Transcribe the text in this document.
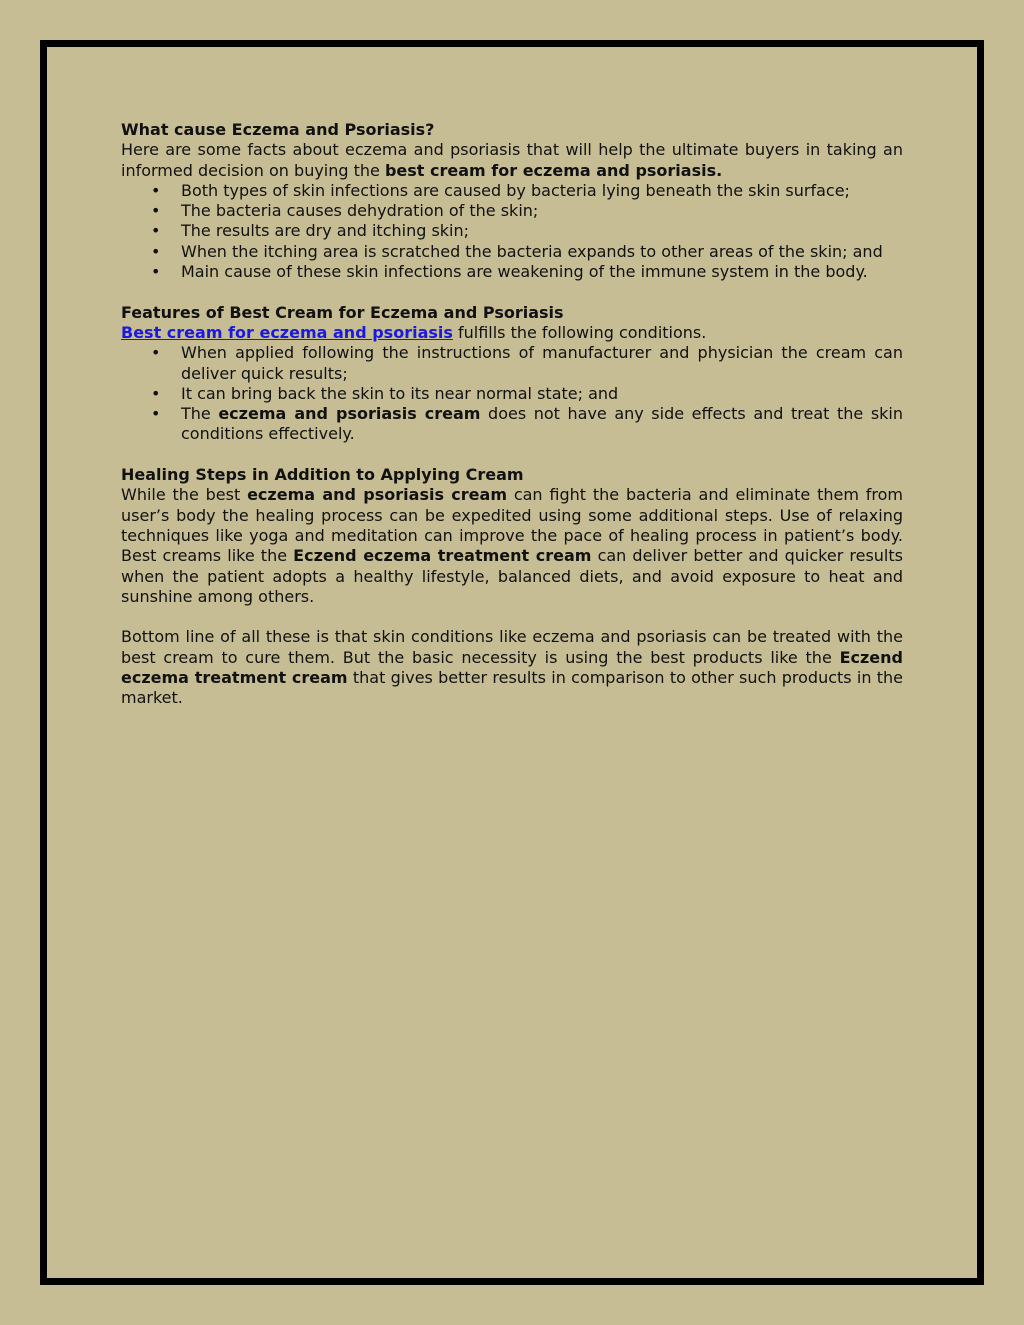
What cause Eczema and Psoriasis?

Here are some facts about eczema and psoriasis that will help the ultimate buyers in taking an informed decision on buying the best cream for eczema and psoriasis.

• Both types of skin infections are caused by bacteria lying beneath the skin surface;
• The bacteria causes dehydration of the skin;
• The results are dry and itching skin;
• When the itching area is scratched the bacteria expands to other areas of the skin; and
• Main cause of these skin infections are weakening of the immune system in the body.

Features of Best Cream for Eczema and Psoriasis

Best cream for eczema and psoriasis fulfills the following conditions.

• When applied following the instructions of manufacturer and physician the cream can deliver quick results;
• It can bring back the skin to its near normal state; and
• The eczema and psoriasis cream does not have any side effects and treat the skin conditions effectively.

Healing Steps in Addition to Applying Cream

While the best eczema and psoriasis cream can fight the bacteria and eliminate them from user’s body the healing process can be expedited using some additional steps. Use of relaxing techniques like yoga and meditation can improve the pace of healing process in patient’s body. Best creams like the Eczend eczema treatment cream can deliver better and quicker results when the patient adopts a healthy lifestyle, balanced diets, and avoid exposure to heat and sunshine among others.

Bottom line of all these is that skin conditions like eczema and psoriasis can be treated with the best cream to cure them. But the basic necessity is using the best products like the Eczend eczema treatment cream that gives better results in comparison to other such products in the market.
